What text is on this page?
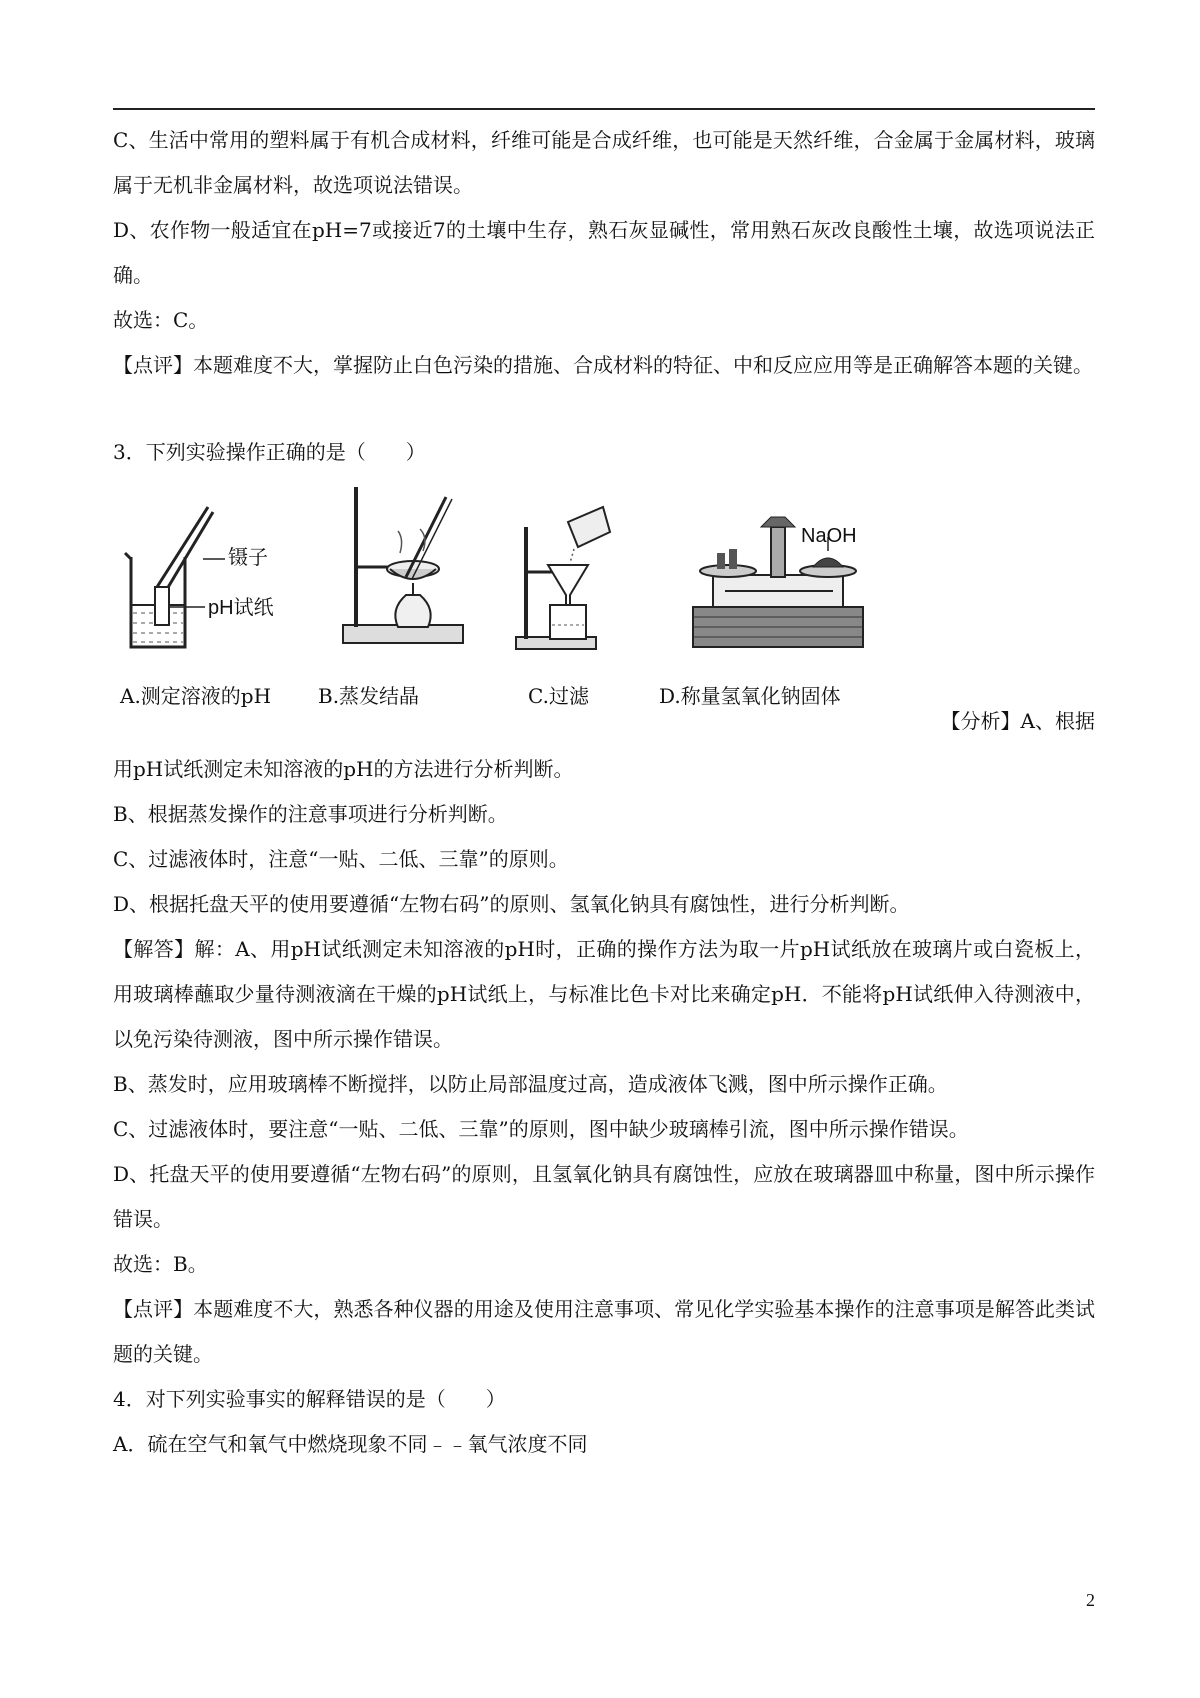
C、生活中常用的塑料属于有机合成材料，纤维可能是合成纤维，也可能是天然纤维，合金属于金属材料，玻璃属于无机非金属材料，故选项说法错误。

D、农作物一般适宜在pH=7或接近7的土壤中生存，熟石灰显碱性，常用熟石灰改良酸性土壤，故选项说法正确。

故选：C。

【点评】本题难度不大，掌握防止白色污染的措施、合成材料的特征、中和反应应用等是正确解答本题的关键。

3．下列实验操作正确的是（　　）

镊子
pH试纸
NaOH
A.测定溶液的pH B.蒸发结晶	C.过滤	D.称量氢氧化钠固体
【分析】A、根据

用pH试纸测定未知溶液的pH的方法进行分析判断。

B、根据蒸发操作的注意事项进行分析判断。

C、过滤液体时，注意“一贴、二低、三靠”的原则。

D、根据托盘天平的使用要遵循“左物右码”的原则、氢氧化钠具有腐蚀性，进行分析判断。

【解答】解：A、用pH试纸测定未知溶液的pH时，正确的操作方法为取一片pH试纸放在玻璃片或白瓷板上，用玻璃棒蘸取少量待测液滴在干燥的pH试纸上，与标准比色卡对比来确定pH．不能将pH试纸伸入待测液中，以免污染待测液，图中所示操作错误。

B、蒸发时，应用玻璃棒不断搅拌，以防止局部温度过高，造成液体飞溅，图中所示操作正确。

C、过滤液体时，要注意“一贴、二低、三靠”的原则，图中缺少玻璃棒引流，图中所示操作错误。

D、托盘天平的使用要遵循“左物右码”的原则，且氢氧化钠具有腐蚀性，应放在玻璃器皿中称量，图中所示操作错误。

故选：B。

【点评】本题难度不大，熟悉各种仪器的用途及使用注意事项、常见化学实验基本操作的注意事项是解答此类试题的关键。

4．对下列实验事实的解释错误的是（　　）

A．硫在空气和氧气中燃烧现象不同﹣﹣氧气浓度不同

2
